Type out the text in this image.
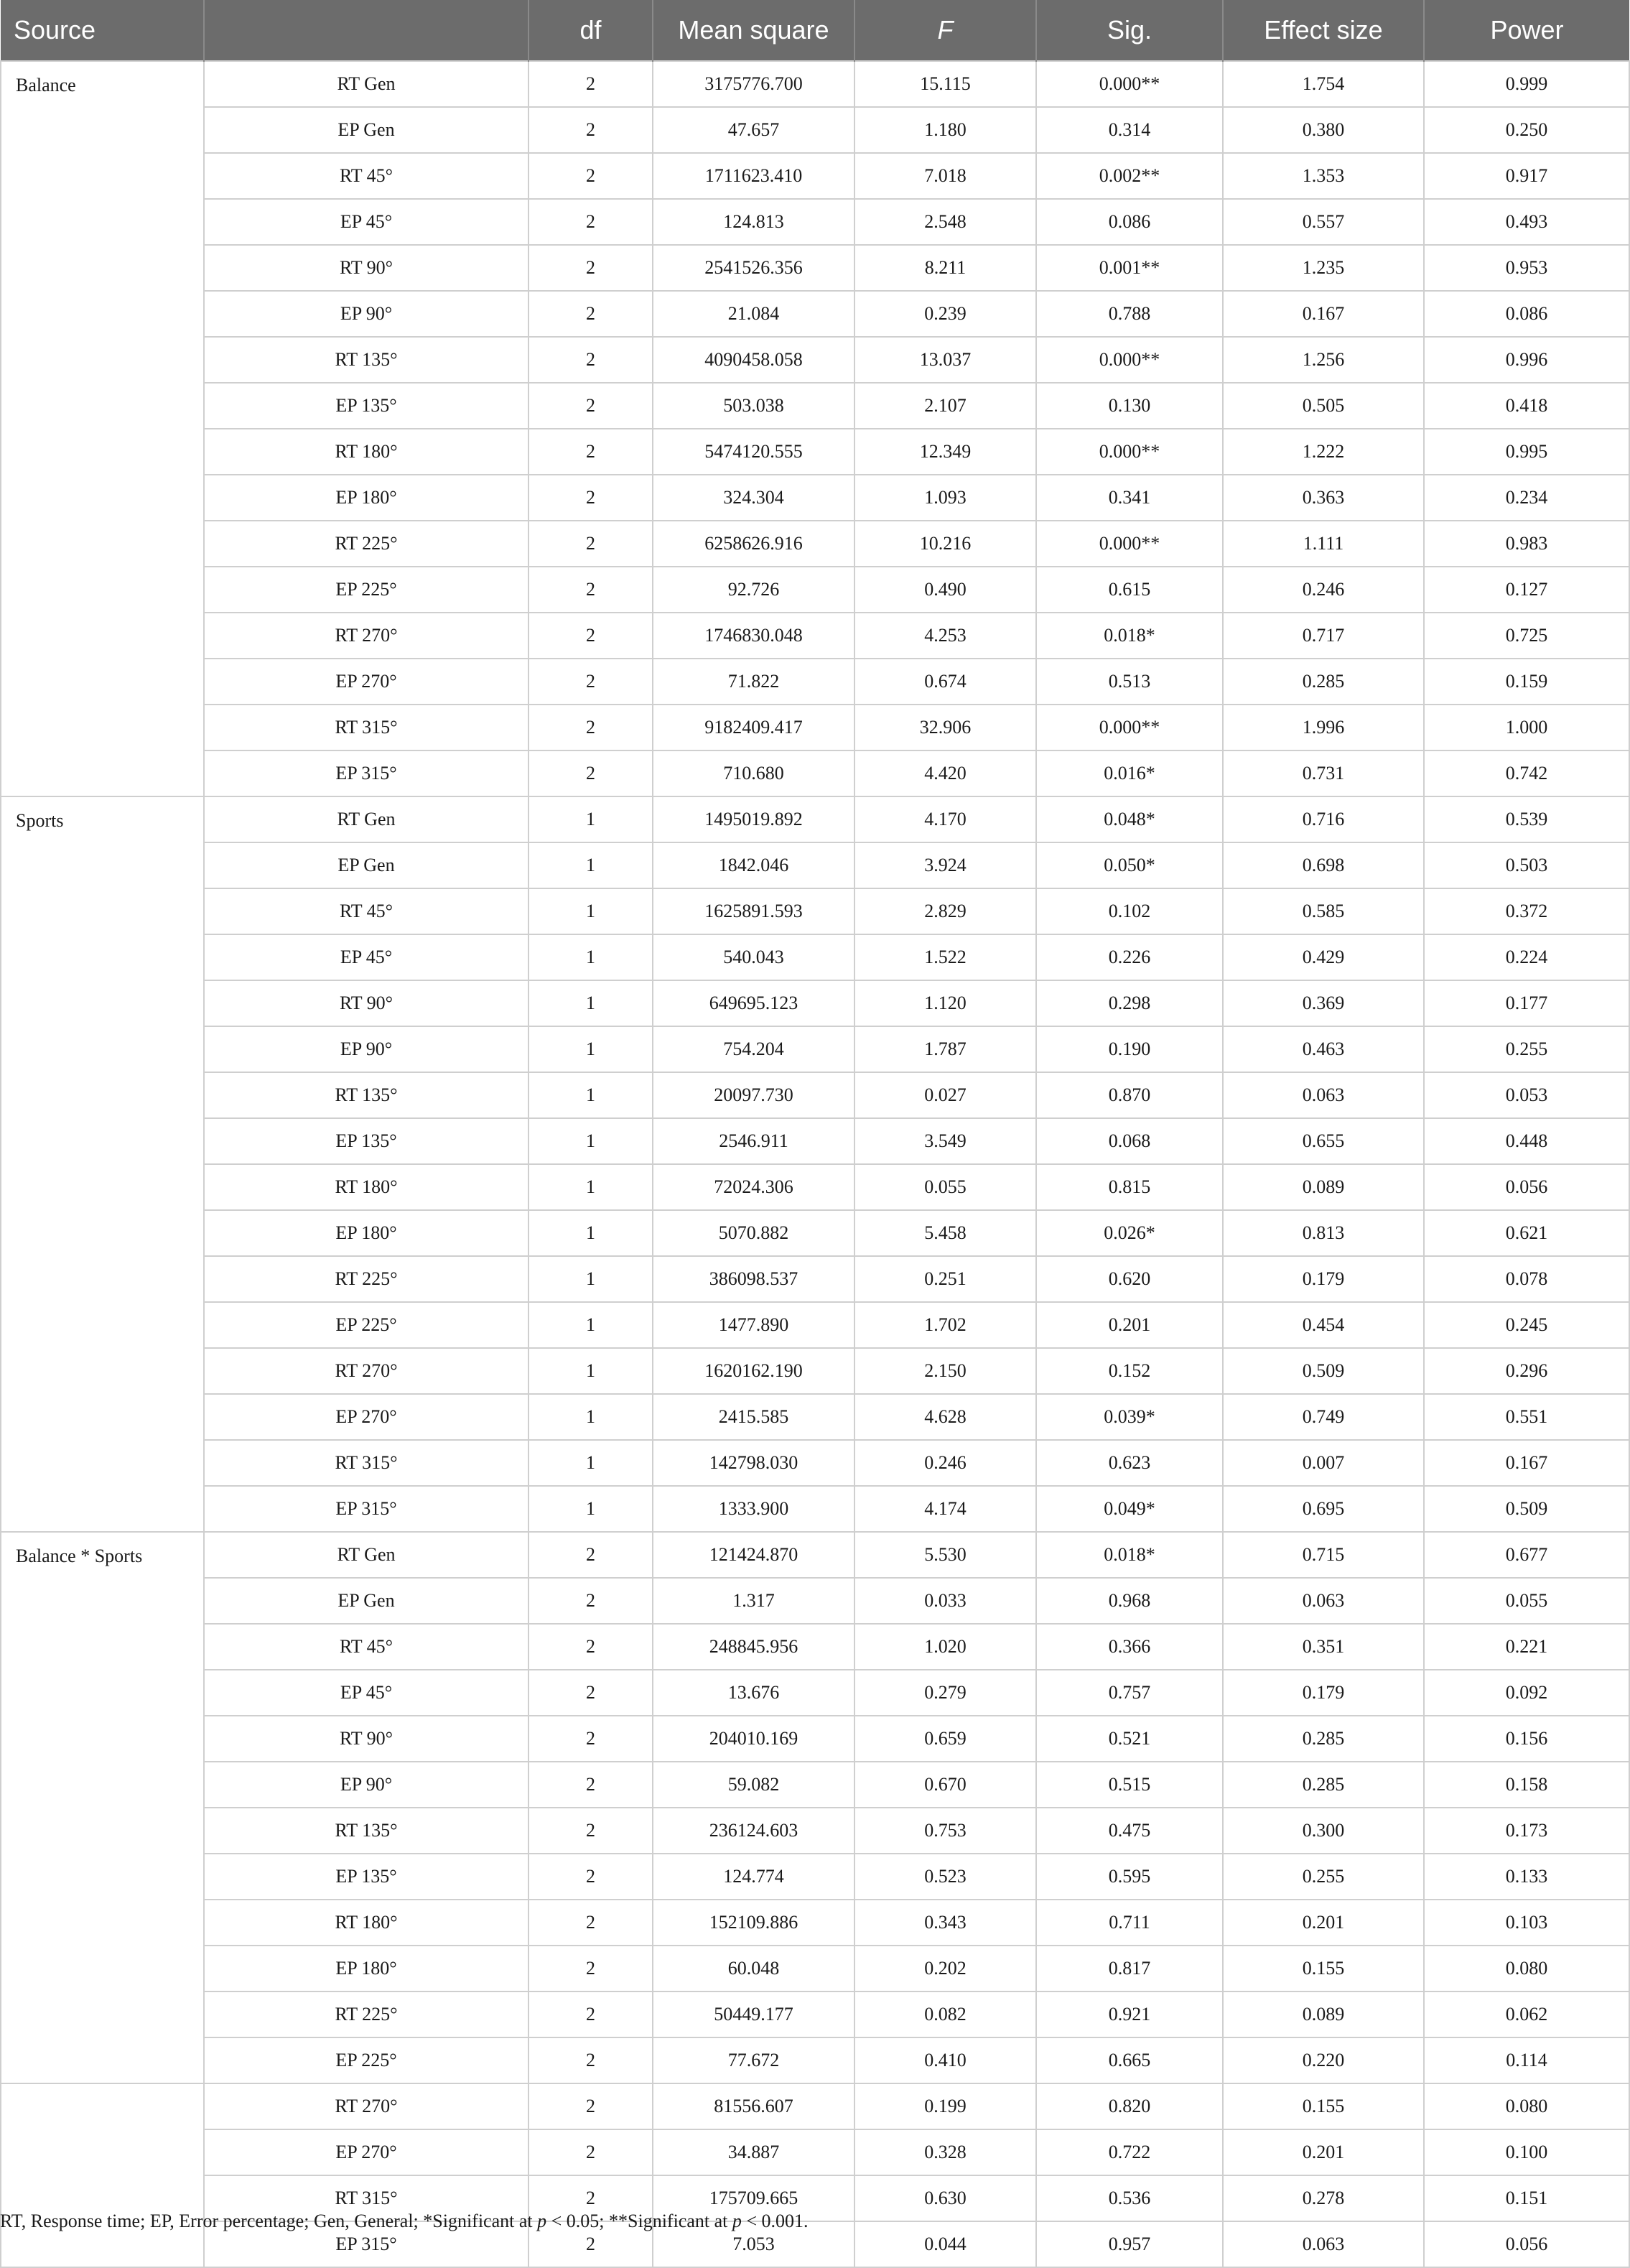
Source		df	Mean square	F	Sig.	Effect size	Power
Balance	RT Gen	2	3175776.700	15.115	0.000**	1.754	0.999
	EP Gen	2	47.657	1.180	0.314	0.380	0.250
	RT 45°	2	1711623.410	7.018	0.002**	1.353	0.917
	EP 45°	2	124.813	2.548	0.086	0.557	0.493
	RT 90°	2	2541526.356	8.211	0.001**	1.235	0.953
	EP 90°	2	21.084	0.239	0.788	0.167	0.086
	RT 135°	2	4090458.058	13.037	0.000**	1.256	0.996
	EP 135°	2	503.038	2.107	0.130	0.505	0.418
	RT 180°	2	5474120.555	12.349	0.000**	1.222	0.995
	EP 180°	2	324.304	1.093	0.341	0.363	0.234
	RT 225°	2	6258626.916	10.216	0.000**	1.111	0.983
	EP 225°	2	92.726	0.490	0.615	0.246	0.127
	RT 270°	2	1746830.048	4.253	0.018*	0.717	0.725
	EP 270°	2	71.822	0.674	0.513	0.285	0.159
	RT 315°	2	9182409.417	32.906	0.000**	1.996	1.000
	EP 315°	2	710.680	4.420	0.016*	0.731	0.742
Sports	RT Gen	1	1495019.892	4.170	0.048*	0.716	0.539
	EP Gen	1	1842.046	3.924	0.050*	0.698	0.503
	RT 45°	1	1625891.593	2.829	0.102	0.585	0.372
	EP 45°	1	540.043	1.522	0.226	0.429	0.224
	RT 90°	1	649695.123	1.120	0.298	0.369	0.177
	EP 90°	1	754.204	1.787	0.190	0.463	0.255
	RT 135°	1	20097.730	0.027	0.870	0.063	0.053
	EP 135°	1	2546.911	3.549	0.068	0.655	0.448
	RT 180°	1	72024.306	0.055	0.815	0.089	0.056
	EP 180°	1	5070.882	5.458	0.026*	0.813	0.621
	RT 225°	1	386098.537	0.251	0.620	0.179	0.078
	EP 225°	1	1477.890	1.702	0.201	0.454	0.245
	RT 270°	1	1620162.190	2.150	0.152	0.509	0.296
	EP 270°	1	2415.585	4.628	0.039*	0.749	0.551
	RT 315°	1	142798.030	0.246	0.623	0.007	0.167
	EP 315°	1	1333.900	4.174	0.049*	0.695	0.509
Balance * Sports	RT Gen	2	121424.870	5.530	0.018*	0.715	0.677
	EP Gen	2	1.317	0.033	0.968	0.063	0.055
	RT 45°	2	248845.956	1.020	0.366	0.351	0.221
	EP 45°	2	13.676	0.279	0.757	0.179	0.092
	RT 90°	2	204010.169	0.659	0.521	0.285	0.156
	EP 90°	2	59.082	0.670	0.515	0.285	0.158
	RT 135°	2	236124.603	0.753	0.475	0.300	0.173
	EP 135°	2	124.774	0.523	0.595	0.255	0.133
	RT 180°	2	152109.886	0.343	0.711	0.201	0.103
	EP 180°	2	60.048	0.202	0.817	0.155	0.080
	RT 225°	2	50449.177	0.082	0.921	0.089	0.062
	EP 225°	2	77.672	0.410	0.665	0.220	0.114
	RT 270°	2	81556.607	0.199	0.820	0.155	0.080
	EP 270°	2	34.887	0.328	0.722	0.201	0.100
	RT 315°	2	175709.665	0.630	0.536	0.278	0.151
	EP 315°	2	7.053	0.044	0.957	0.063	0.056
RT, Response time; EP, Error percentage; Gen, General; *Significant at p < 0.05; **Significant at p < 0.001.
